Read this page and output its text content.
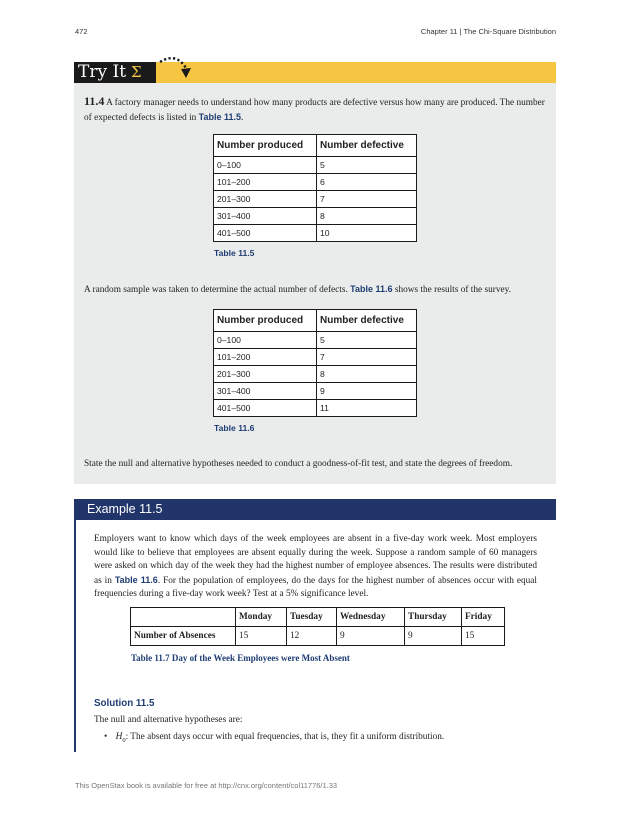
472	Chapter 11 | The Chi-Square Distribution
Try It Σ
11.4 A factory manager needs to understand how many products are defective versus how many are produced. The number of expected defects is listed in Table 11.5.
Number produced	Number defective
0–100	5
101–200	6
201–300	7
301–400	8
401–500	10
Table 11.5
A random sample was taken to determine the actual number of defects. Table 11.6 shows the results of the survey.
Number produced	Number defective
0–100	5
101–200	7
201–300	8
301–400	9
401–500	11
Table 11.6
State the null and alternative hypotheses needed to conduct a goodness-of-fit test, and state the degrees of freedom.
Example 11.5
Employers want to know which days of the week employees are absent in a five-day work week. Most employers would like to believe that employees are absent equally during the week. Suppose a random sample of 60 managers were asked on which day of the week they had the highest number of employee absences. The results were distributed as in Table 11.6. For the population of employees, do the days for the highest number of absences occur with equal frequencies during a five-day work week? Test at a 5% significance level.
	Monday	Tuesday	Wednesday	Thursday	Friday
Number of Absences	15	12	9	9	15
Table 11.7 Day of the Week Employees were Most Absent
Solution 11.5
The null and alternative hypotheses are:
• $H_0$: The absent days occur with equal frequencies, that is, they fit a uniform distribution.
This OpenStax book is available for free at http://cnx.org/content/col11776/1.33
